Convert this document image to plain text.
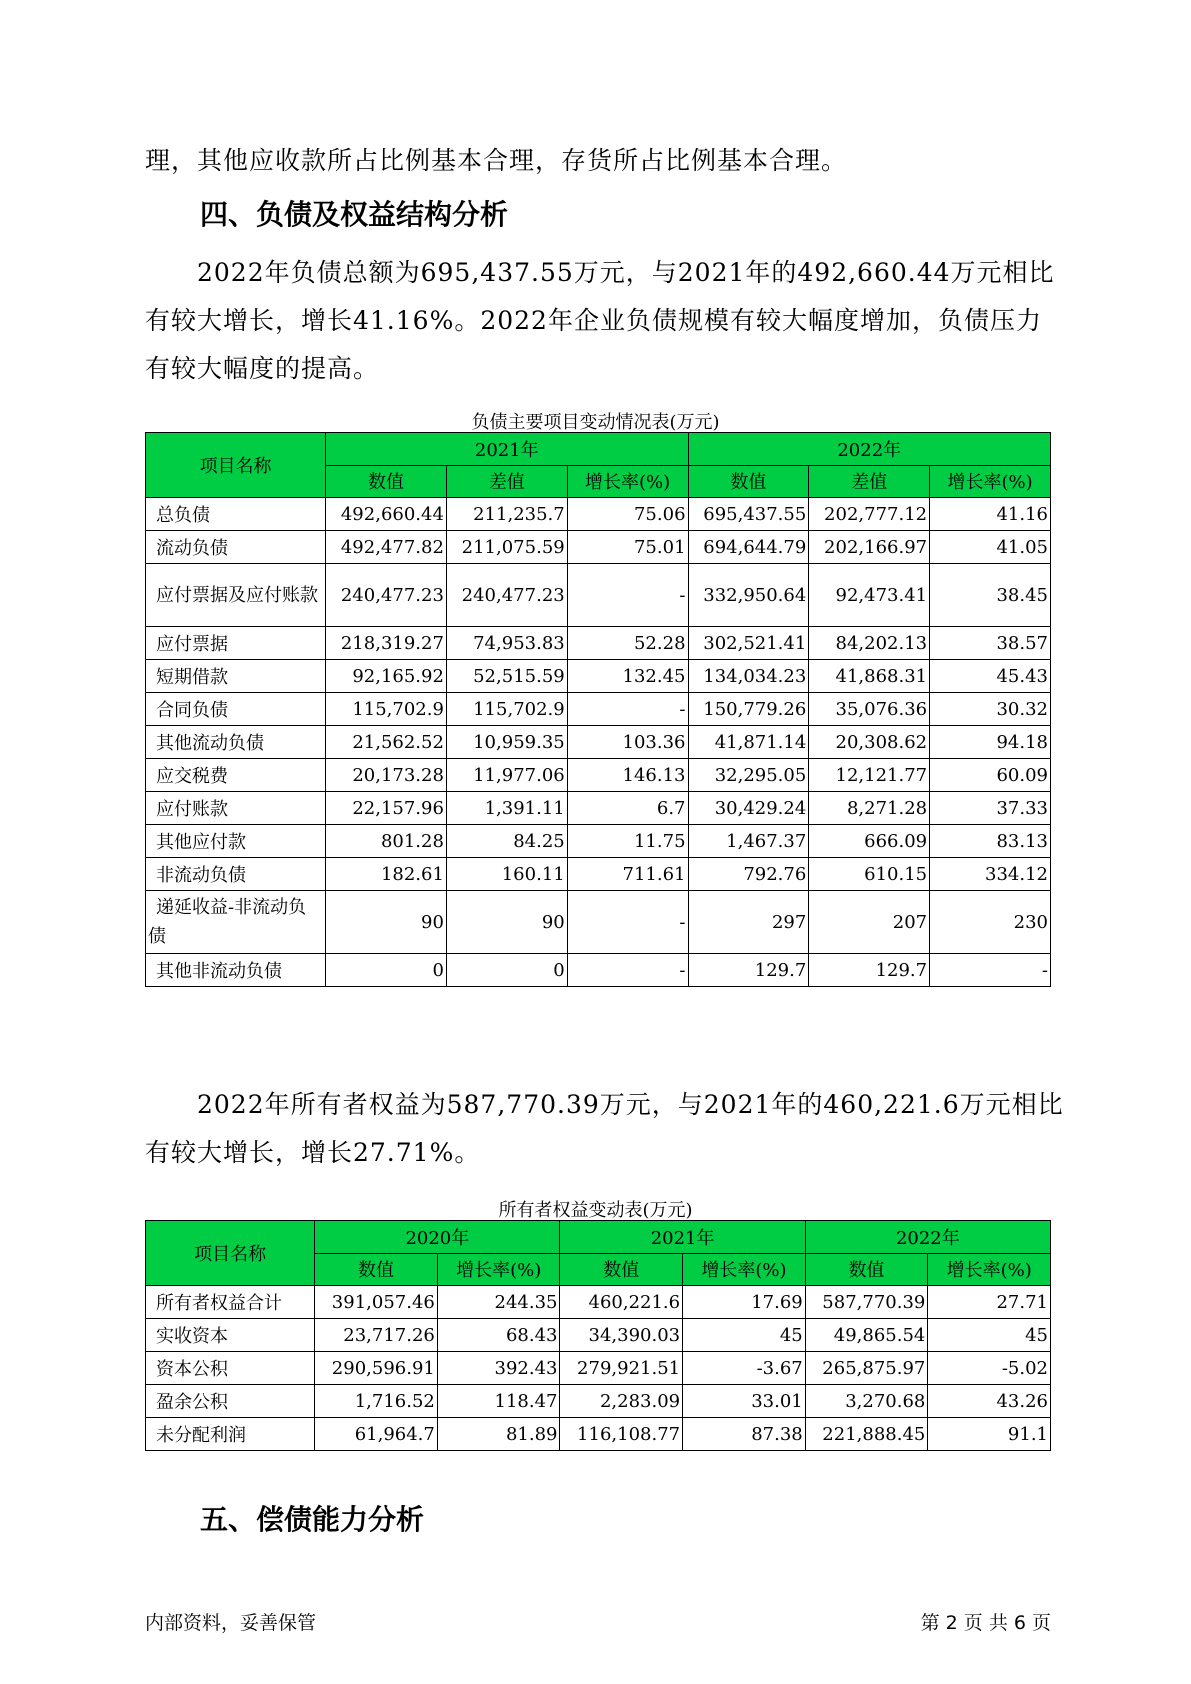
理，其他应收款所占比例基本合理，存货所占比例基本合理。

四、负债及权益结构分析

2022年负债总额为695,437.55万元，与2021年的492,660.44万元相比有较大增长，增长41.16%。2022年企业负债规模有较大幅度增加，负债压力有较大幅度的提高。

负债主要项目变动情况表(万元)

项目名称	2021年			2022年		
	数值	差值	增长率(%)	数值	差值	增长率(%)
总负债	492,660.44	211,235.7	75.06	695,437.55	202,777.12	41.16
流动负债	492,477.82	211,075.59	75.01	694,644.79	202,166.97	41.05
应付票据及应付账款	240,477.23	240,477.23	-	332,950.64	92,473.41	38.45
应付票据	218,319.27	74,953.83	52.28	302,521.41	84,202.13	38.57
短期借款	92,165.92	52,515.59	132.45	134,034.23	41,868.31	45.43
合同负债	115,702.9	115,702.9	-	150,779.26	35,076.36	30.32
其他流动负债	21,562.52	10,959.35	103.36	41,871.14	20,308.62	94.18
应交税费	20,173.28	11,977.06	146.13	32,295.05	12,121.77	60.09
应付账款	22,157.96	1,391.11	6.7	30,429.24	8,271.28	37.33
其他应付款	801.28	84.25	11.75	1,467.37	666.09	83.13
非流动负债	182.61	160.11	711.61	792.76	610.15	334.12
递延收益-非流动负债	90	90	-	297	207	230
其他非流动负债	0	0	-	129.7	129.7	-

2022年所有者权益为587,770.39万元，与2021年的460,221.6万元相比有较大增长，增长27.71%。

所有者权益变动表(万元)

项目名称	2020年		2021年		2022年	
	数值	增长率(%)	数值	增长率(%)	数值	增长率(%)
所有者权益合计	391,057.46	244.35	460,221.6	17.69	587,770.39	27.71
实收资本	23,717.26	68.43	34,390.03	45	49,865.54	45
资本公积	290,596.91	392.43	279,921.51	-3.67	265,875.97	-5.02
盈余公积	1,716.52	118.47	2,283.09	33.01	3,270.68	43.26
未分配利润	61,964.7	81.89	116,108.77	87.38	221,888.45	91.1
五、偿债能力分析
内部资料，妥善保管	第 2 页 共 6 页
